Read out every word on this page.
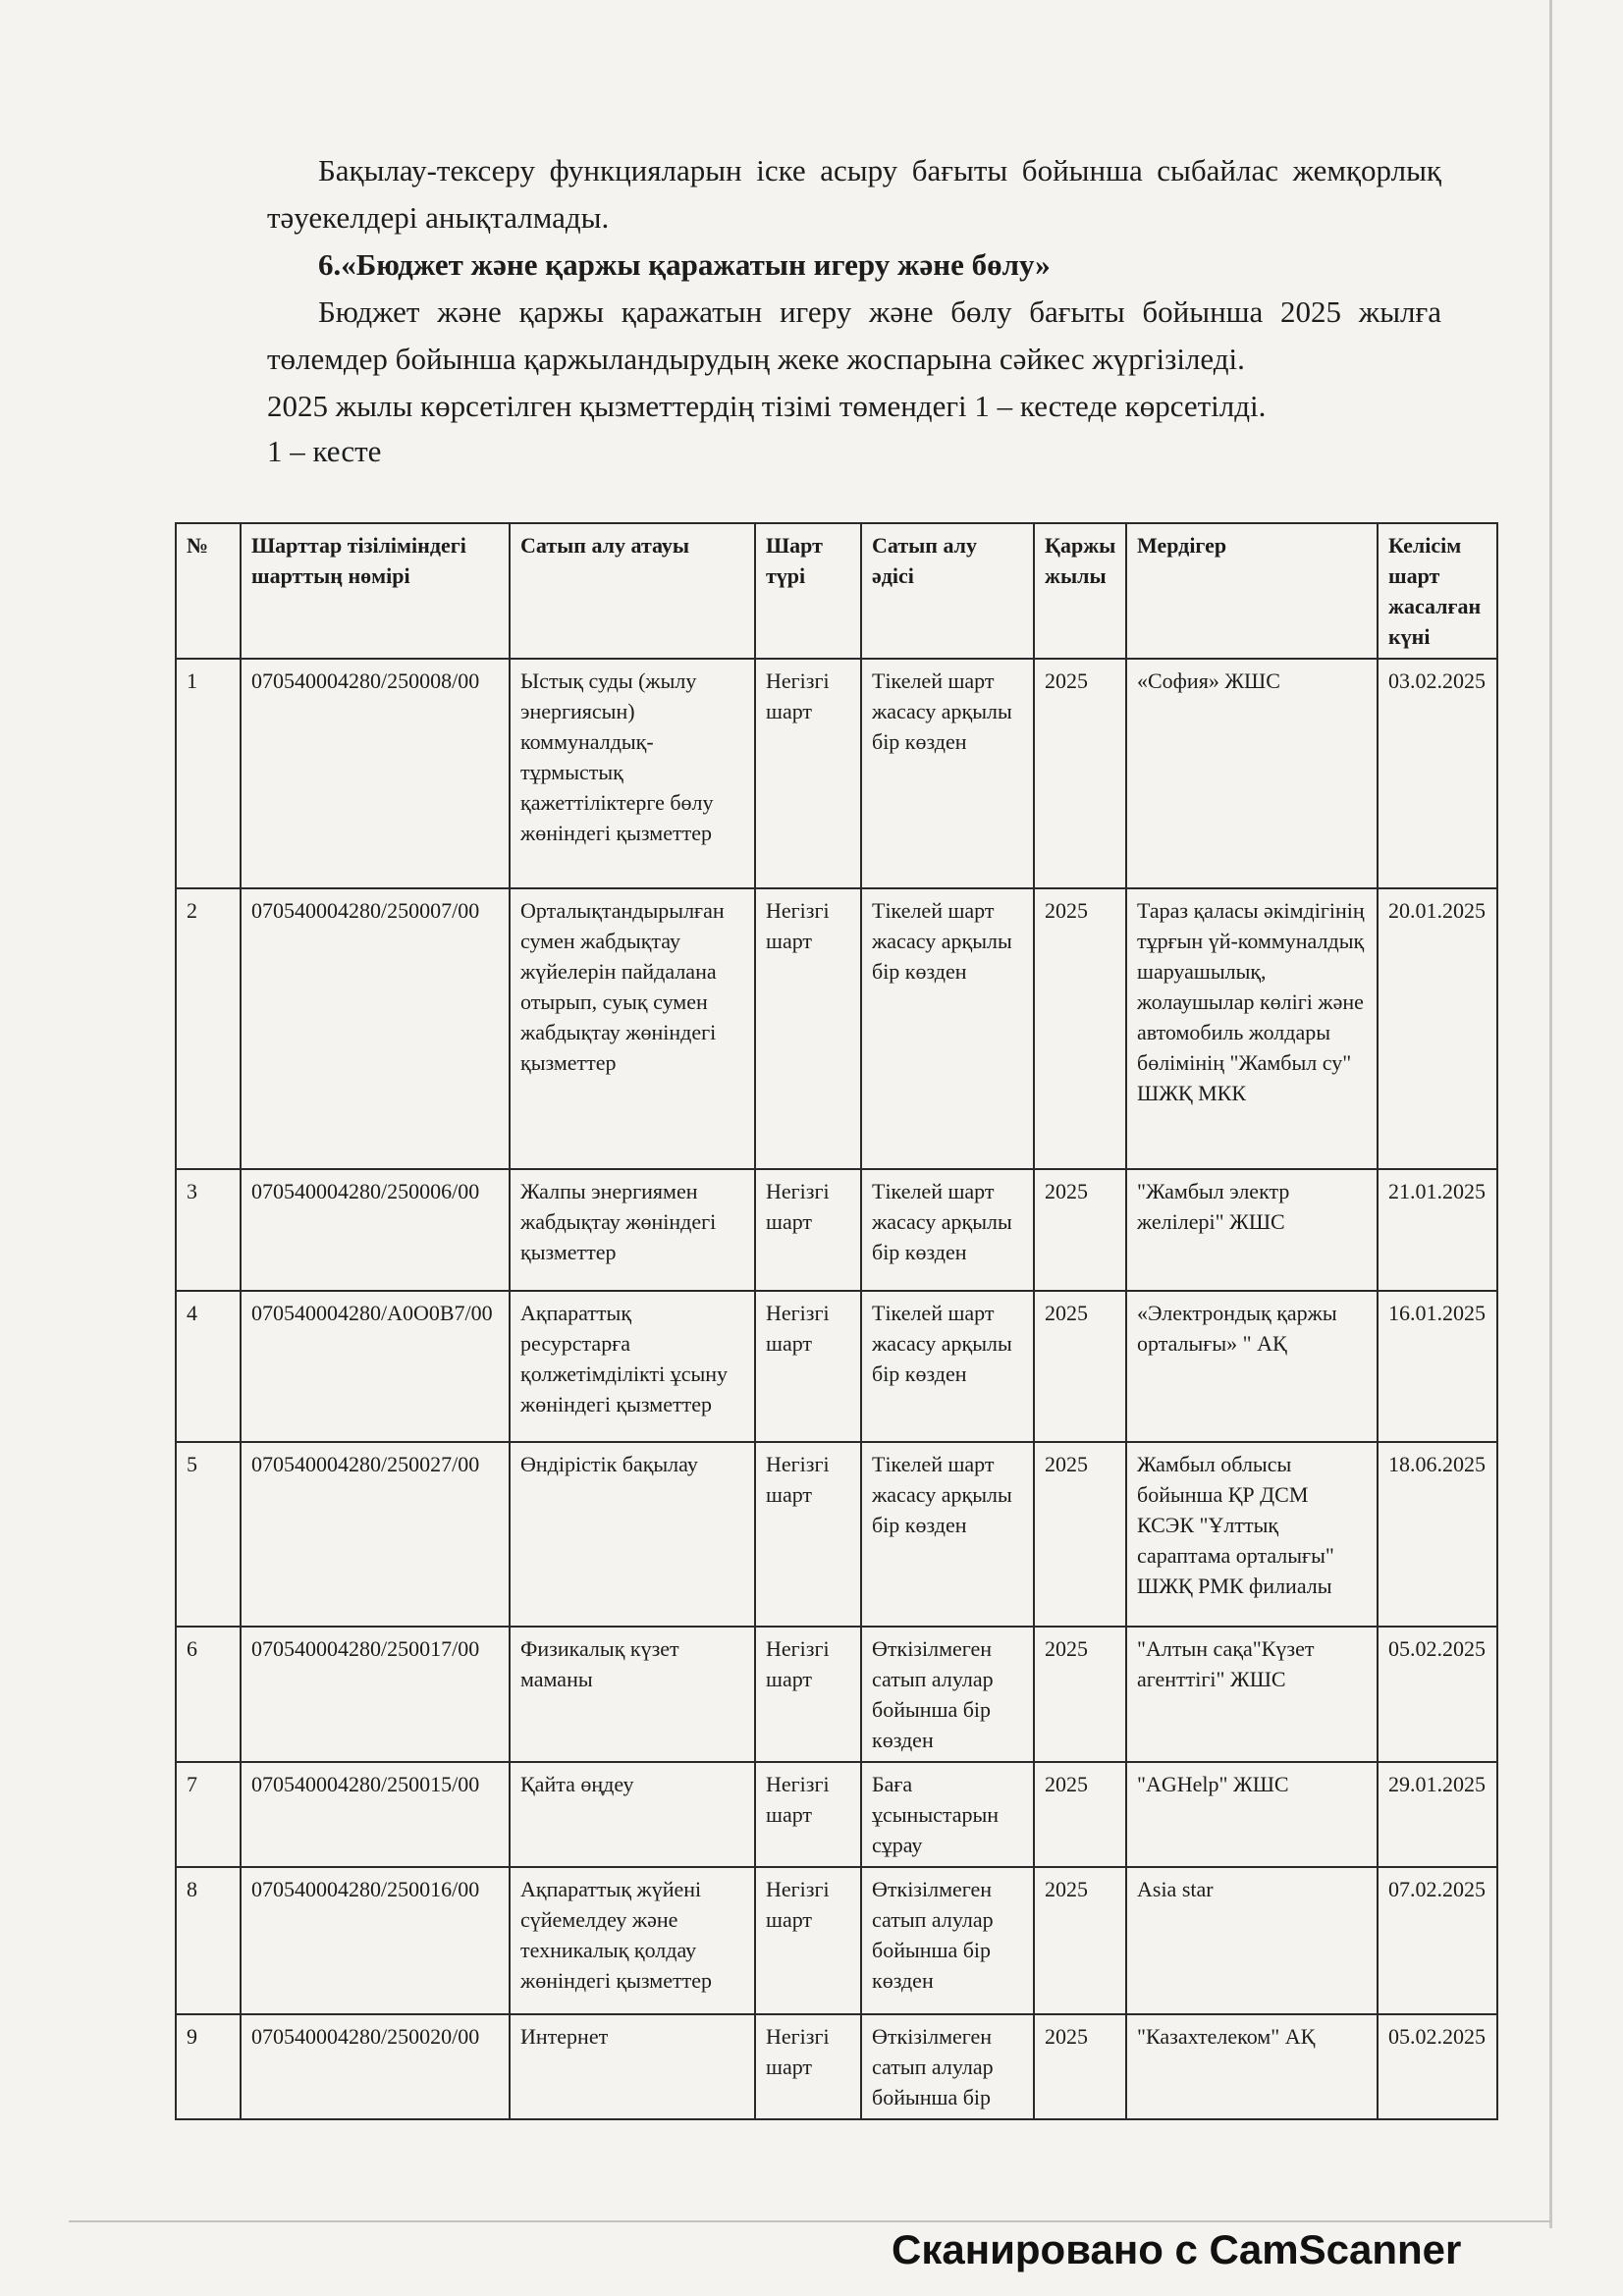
Бақылау-тексеру функцияларын іске асыру бағыты бойынша сыбайлас жемқорлық тәуекелдері анықталмады.

6.«Бюджет және қаржы қаражатын игеру және бөлу»

Бюджет және қаржы қаражатын игеру және бөлу бағыты бойынша 2025 жылға төлемдер бойынша қаржыландырудың жеке жоспарына сәйкес жүргізіледі.

2025 жылы көрсетілген қызметтердің тізімі төмендегі 1 – кестеде көрсетілді.

1 – кесте

№	Шарттар тізіліміндегі шарттың нөмірі	Сатып алу атауы	Шарт түрі	Сатып алу әдісі	Қаржы жылы	Мердігер	Келісім шарт жасалған күні
1	070540004280/250008/00	Ыстық суды (жылу энергиясын) коммуналдық-тұрмыстық қажеттіліктерге бөлу жөніндегі қызметтер	Негізгі шарт	Тікелей шарт жасасу арқылы бір көзден	2025	«София» ЖШС	03.02.2025
2	070540004280/250007/00	Орталықтандырылған сумен жабдықтау жүйелерін пайдалана отырып, суық сумен жабдықтау жөніндегі қызметтер	Негізгі шарт	Тікелей шарт жасасу арқылы бір көзден	2025	Тараз қаласы әкімдігінің тұрғын үй-коммуналдық шаруашылық, жолаушылар көлігі және автомобиль жолдары бөлімінің "Жамбыл су" ШЖҚ МКК	20.01.2025
3	070540004280/250006/00	Жалпы энергиямен жабдықтау жөніндегі қызметтер	Негізгі шарт	Тікелей шарт жасасу арқылы бір көзден	2025	"Жамбыл электр желілері" ЖШС	21.01.2025
4	070540004280/А0О0В7/00	Ақпараттық ресурстарға қолжетімділікті ұсыну жөніндегі қызметтер	Негізгі шарт	Тікелей шарт жасасу арқылы бір көзден	2025	«Электрондық қаржы орталығы» " АҚ	16.01.2025
5	070540004280/250027/00	Өндірістік бақылау	Негізгі шарт	Тікелей шарт жасасу арқылы бір көзден	2025	Жамбыл облысы бойынша ҚР ДСМ КСЭК "Ұлттық сараптама орталығы" ШЖҚ РМК филиалы	18.06.2025
6	070540004280/250017/00	Физикалық күзет маманы	Негізгі шарт	Өткізілмеген сатып алулар бойынша бір көзден	2025	"Алтын сақа"Күзет агенттігі" ЖШС	05.02.2025
7	070540004280/250015/00	Қайта өңдеу	Негізгі шарт	Баға ұсыныстарын сұрау	2025	"AGHelp" ЖШС	29.01.2025
8	070540004280/250016/00	Ақпараттық жүйені сүйемелдеу және техникалық қолдау жөніндегі қызметтер	Негізгі шарт	Өткізілмеген сатып алулар бойынша бір көзден	2025	Asia star	07.02.2025
9	070540004280/250020/00	Интернет	Негізгі шарт	Өткізілмеген сатып алулар бойынша бір	2025	"Казахтелеком" АҚ	05.02.2025
Сканировано с CamScanner
